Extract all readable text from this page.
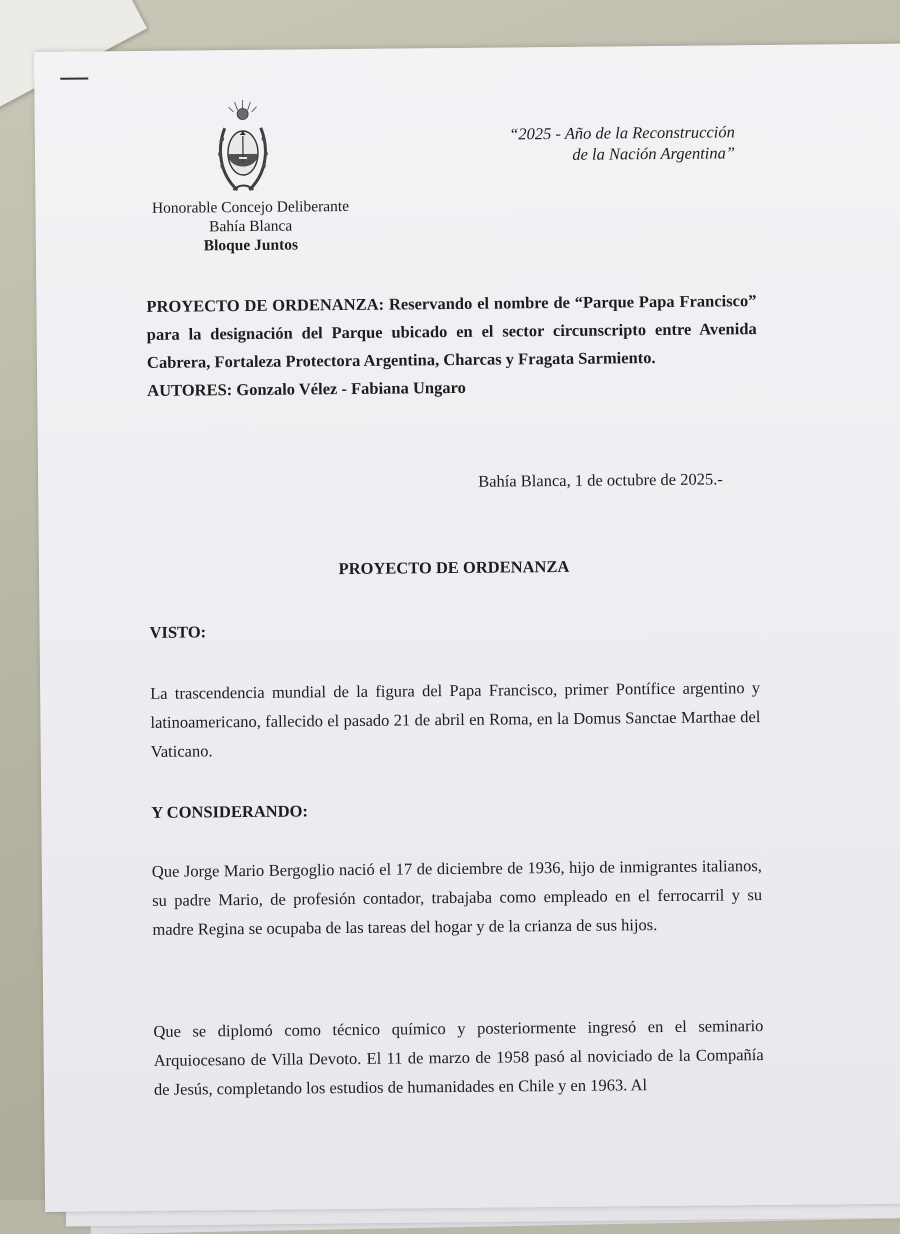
Honorable Concejo Deliberante
Bahía Blanca
Bloque Juntos
“2025 - Año de la Reconstrucción
de la Nación Argentina”

PROYECTO DE ORDENANZA: Reservando el nombre de “Parque Papa Francisco” para la designación del Parque ubicado en el sector circunscripto entre Avenida Cabrera, Fortaleza Protectora Argentina, Charcas y Fragata Sarmiento.

AUTORES: Gonzalo Vélez - Fabiana Ungaro

Bahía Blanca, 1 de octubre de 2025.-
PROYECTO DE ORDENANZA
VISTO:

La trascendencia mundial de la figura del Papa Francisco, primer Pontífice argentino y latinoamericano, fallecido el pasado 21 de abril en Roma, en la Domus Sanctae Marthae del Vaticano.

Y CONSIDERANDO:

Que Jorge Mario Bergoglio nació el 17 de diciembre de 1936, hijo de inmigrantes italianos, su padre Mario, de profesión contador, trabajaba como empleado en el ferrocarril y su madre Regina se ocupaba de las tareas del hogar y de la crianza de sus hijos.

Que se diplomó como técnico químico y posteriormente ingresó en el seminario Arquiocesano de Villa Devoto. El 11 de marzo de 1958 pasó al noviciado de la Compañía de Jesús, completando los estudios de humanidades en Chile y en 1963. Al
